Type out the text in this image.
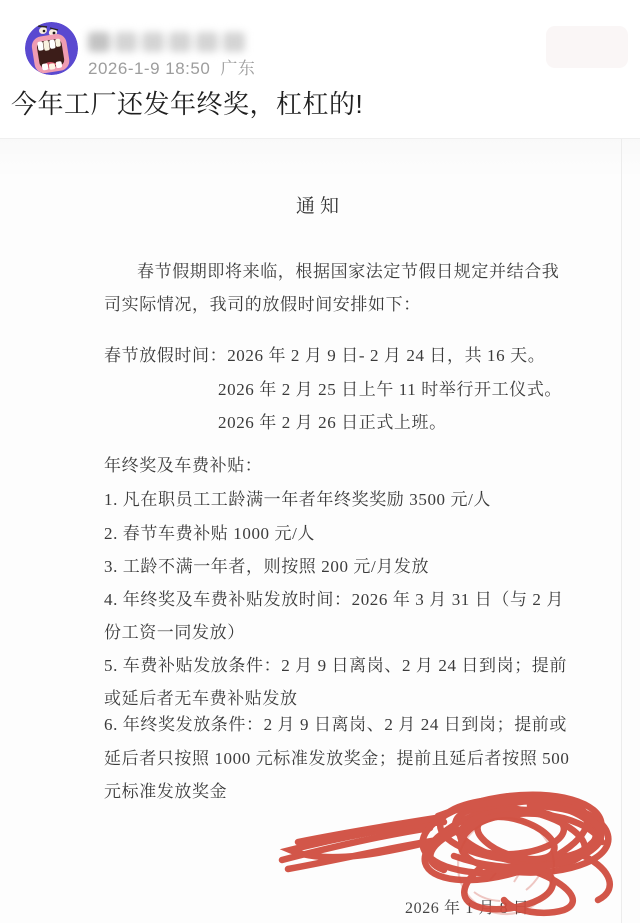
2026-1-9 18:50 广东
今年工厂还发年终奖，杠杠的!
通知
春节假期即将来临，根据国家法定节假日规定并结合我
司实际情况，我司的放假时间安排如下：
春节放假时间：2026 年 2 月 9 日- 2 月 24 日，共 16 天。
2026 年 2 月 25 日上午 11 时举行开工仪式。
2026 年 2 月 26 日正式上班。
年终奖及车费补贴：
1. 凡在职员工工龄满一年者年终奖奖励 3500 元/人
2. 春节车费补贴 1000 元/人
3. 工龄不满一年者，则按照 200 元/月发放
4. 年终奖及车费补贴发放时间：2026 年 3 月 31 日（与 2 月
份工资一同发放）
5. 车费补贴发放条件：2 月 9 日离岗、2 月 24 日到岗；提前
或延后者无车费补贴发放
6. 年终奖发放条件：2 月 9 日离岗、2 月 24 日到岗；提前或
延后者只按照 1000 元标准发放奖金；提前且延后者按照 500
元标准发放奖金
2026 年 1 月 8 日
